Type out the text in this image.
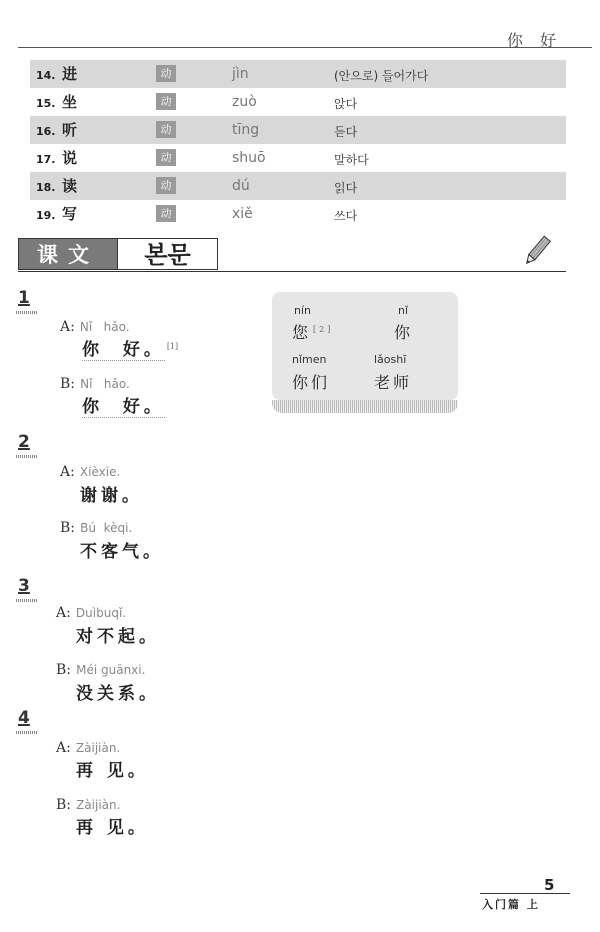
你 好
14. 进	动	jìn	(안으로) 들어가다
15. 坐	动	zuò	앉다
16. 听	动	tīng	듣다
17. 说	动	shuō	말하다
18. 读	动	dú	읽다
19. 写	动	xiě	쓰다
课文	본문
1
A: Nǐ   hǎo.
你  好。 [1]
B: Nǐ   hǎo.
你  好。
nín
您 [2]
nǐ
你
nǐmen
你们
lǎoshī
老师
2
A: Xièxie.
谢谢。
B: Bú  kèqi.
不客气。
3
A: Duìbuqǐ.
对不起。
B: Méi guānxi.
没关系。
4
A: Zàijiàn.
再 见。
B: Zàijiàn.
再 见。
5
入门篇 上
